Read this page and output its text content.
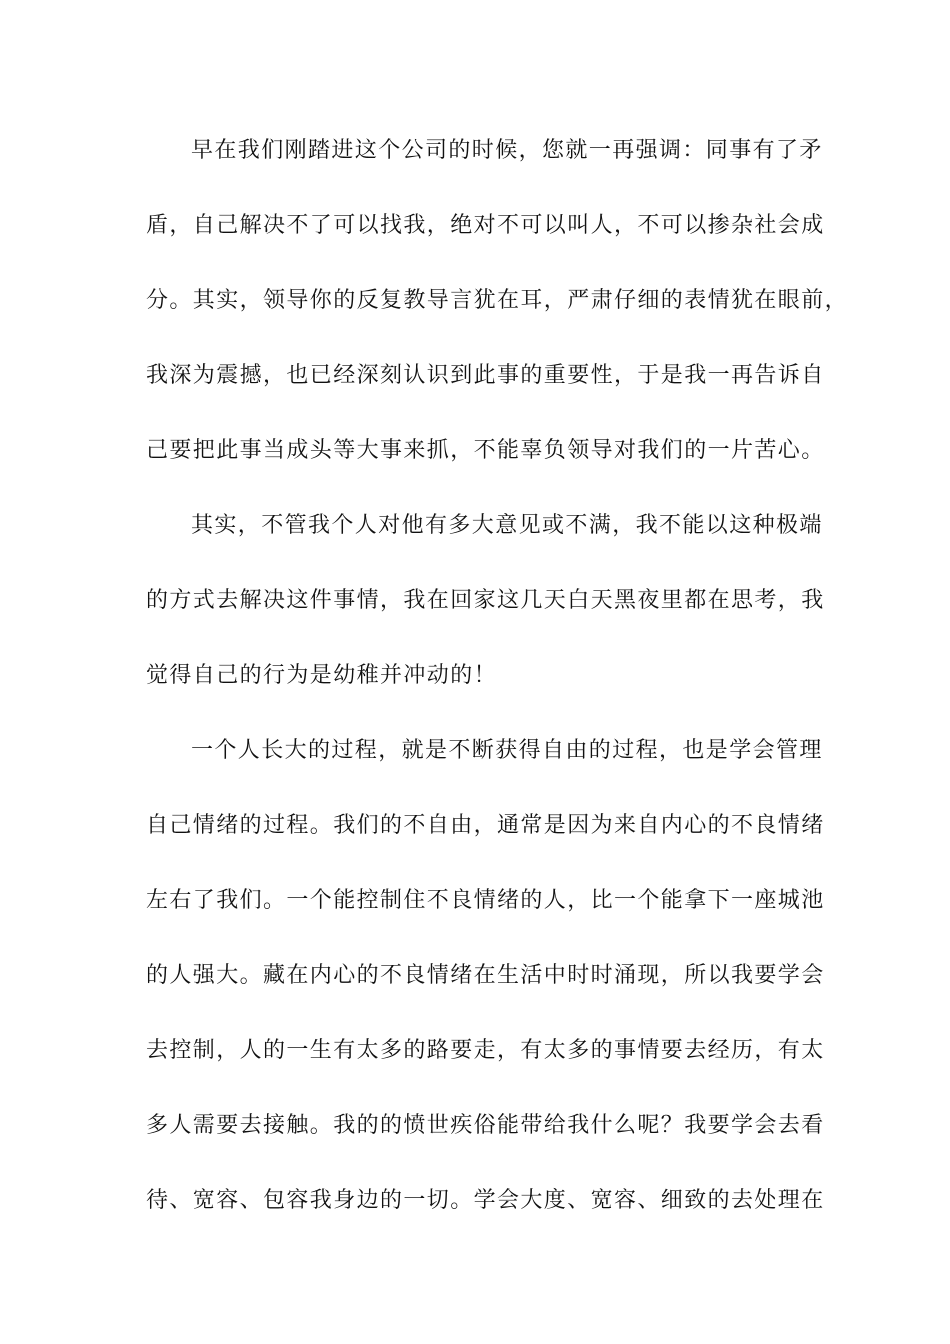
早在我们刚踏进这个公司的时候，您就一再强调：同事有了矛
盾，自己解决不了可以找我，绝对不可以叫人，不可以掺杂社会成
分。其实，领导你的反复教导言犹在耳，严肃仔细的表情犹在眼前，
我深为震撼，也已经深刻认识到此事的重要性，于是我一再告诉自
己要把此事当成头等大事来抓，不能辜负领导对我们的一片苦心。
其实，不管我个人对他有多大意见或不满，我不能以这种极端
的方式去解决这件事情，我在回家这几天白天黑夜里都在思考，我
觉得自己的行为是幼稚并冲动的！
一个人长大的过程，就是不断获得自由的过程，也是学会管理
自己情绪的过程。我们的不自由，通常是因为来自内心的不良情绪
左右了我们。一个能控制住不良情绪的人，比一个能拿下一座城池
的人强大。藏在内心的不良情绪在生活中时时涌现，所以我要学会
去控制，人的一生有太多的路要走，有太多的事情要去经历，有太
多人需要去接触。我的的愤世疾俗能带给我什么呢？我要学会去看
待、宽容、包容我身边的一切。学会大度、宽容、细致的去处理在
